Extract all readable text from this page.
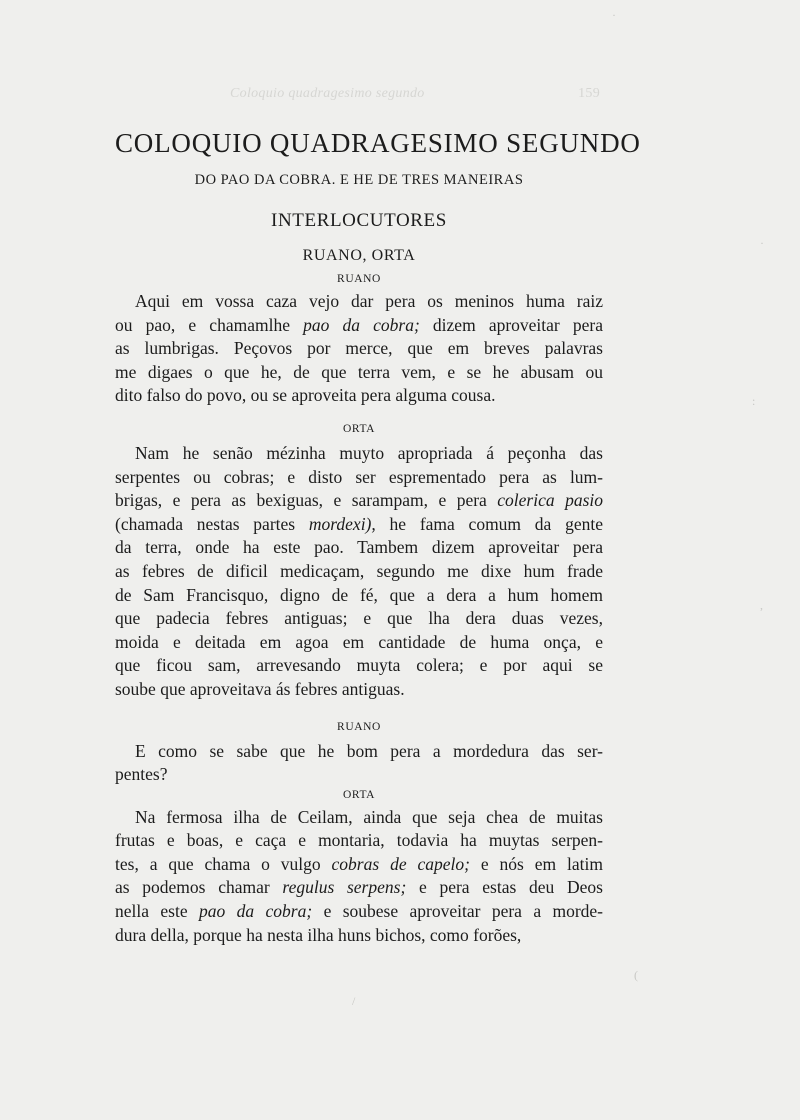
Coloquio quadragesimo segundo	159
·
·
:
,
(
/
COLOQUIO QUADRAGESIMO SEGUNDO
DO PAO DA COBRA. E HE DE TRES MANEIRAS
INTERLOCUTORES
RUANO, ORTA
RUANO
Aqui em vossa caza vejo dar pera os meninos huma raiz
ou pao, e chamamlhe pao da cobra; dizem aproveitar pera
as lumbrigas. Peçovos por merce, que em breves palavras
me digaes o que he, de que terra vem, e se he abusam ou
dito falso do povo, ou se aproveita pera alguma cousa.
ORTA
Nam he senão mézinha muyto apropriada á peçonha das
serpentes ou cobras; e disto ser esprementado pera as lum-
brigas, e pera as bexiguas, e sarampam, e pera colerica pasio
(chamada nestas partes mordexi), he fama comum da gente
da terra, onde ha este pao. Tambem dizem aproveitar pera
as febres de dificil medicaçam, segundo me dixe hum frade
de Sam Francisquo, digno de fé, que a dera a hum homem
que padecia febres antiguas; e que lha dera duas vezes,
moida e deitada em agoa em cantidade de huma onça, e
que ficou sam, arrevesando muyta colera; e por aqui se
soube que aproveitava ás febres antiguas.
RUANO
E como se sabe que he bom pera a mordedura das ser-
pentes?
ORTA
Na fermosa ilha de Ceilam, ainda que seja chea de muitas
frutas e boas, e caça e montaria, todavia ha muytas serpen-
tes, a que chama o vulgo cobras de capelo; e nós em latim
as podemos chamar regulus serpens; e pera estas deu Deos
nella este pao da cobra; e soubese aproveitar pera a morde-
dura della, porque ha nesta ilha huns bichos, como forões,
